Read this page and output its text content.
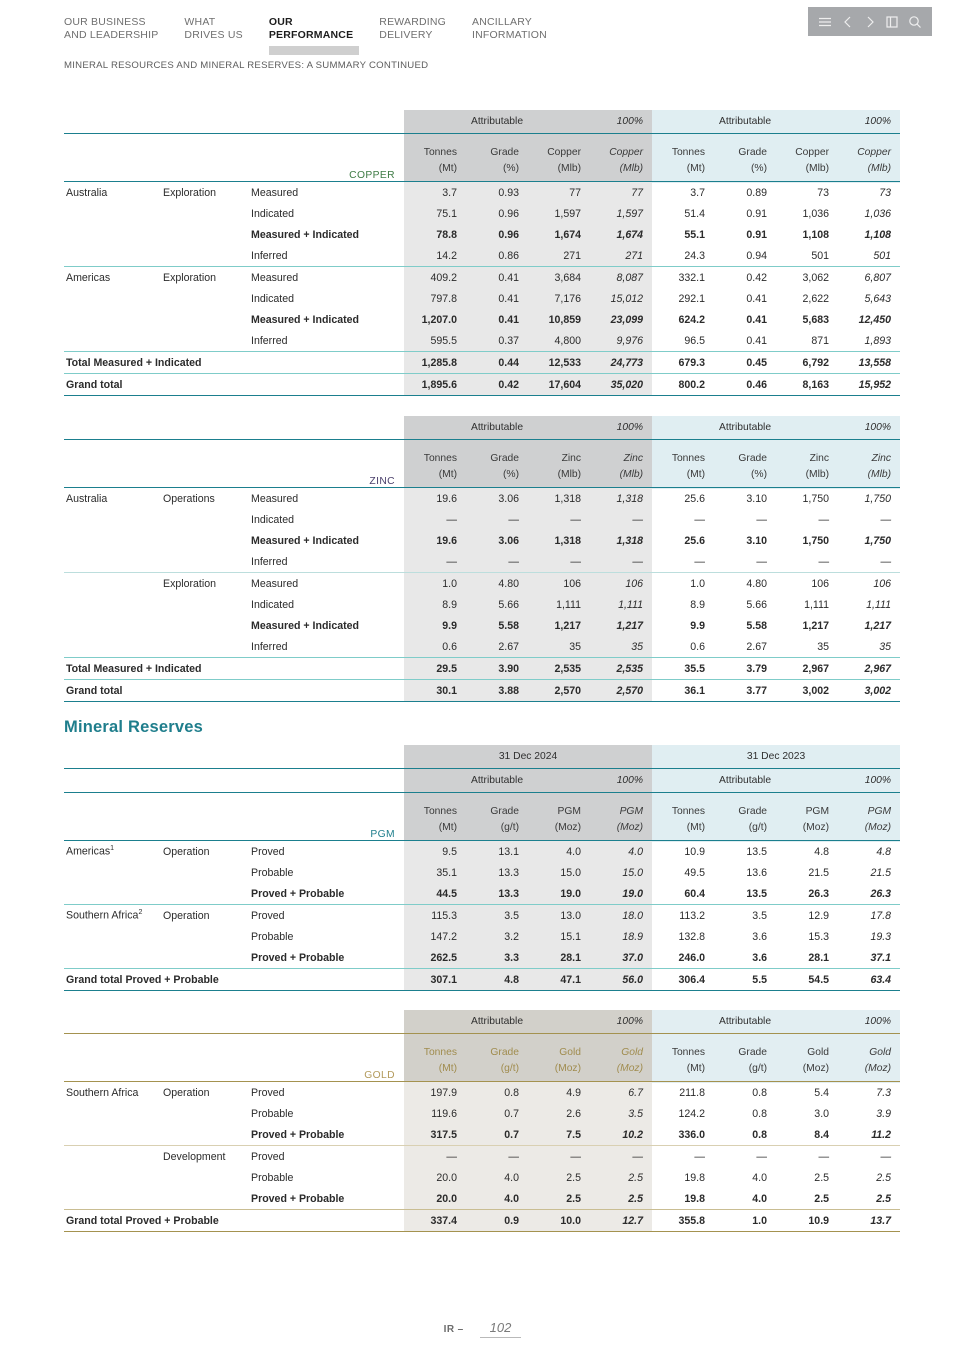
OUR BUSINESS
AND LEADERSHIP
WHAT
DRIVES US
OUR
PERFORMANCE
REWARDING
DELIVERY
ANCILLARY
INFORMATION
MINERAL RESOURCES AND MINERAL RESERVES: A SUMMARY CONTINUED
			Attributable			100%	Attributable			100%

COPPER			Tonnes	Grade	Copper	Copper	Tonnes	Grade	Copper	Copper
			(Mt)	(%)	(Mlb)	(Mlb)	(Mt)	(%)	(Mlb)	(Mlb)

Australia	Exploration	Measured	3.7	0.93	77	77	3.7	0.89	73	73
		Indicated	75.1	0.96	1,597	1,597	51.4	0.91	1,036	1,036
		Measured + Indicated	78.8	0.96	1,674	1,674	55.1	0.91	1,108	1,108
		Inferred	14.2	0.86	271	271	24.3	0.94	501	501

Americas	Exploration	Measured	409.2	0.41	3,684	8,087	332.1	0.42	3,062	6,807
		Indicated	797.8	0.41	7,176	15,012	292.1	0.41	2,622	5,643
		Measured + Indicated	1,207.0	0.41	10,859	23,099	624.2	0.41	5,683	12,450
		Inferred	595.5	0.37	4,800	9,976	96.5	0.41	871	1,893

Total Measured + Indicated			1,285.8	0.44	12,533	24,773	679.3	0.45	6,792	13,558

Grand total			1,895.6	0.42	17,604	35,020	800.2	0.46	8,163	15,952

			Attributable			100%	Attributable			100%

ZINC			Tonnes	Grade	Zinc	Zinc	Tonnes	Grade	Zinc	Zinc
			(Mt)	(%)	(Mlb)	(Mlb)	(Mt)	(%)	(Mlb)	(Mlb)

Australia	Operations	Measured	19.6	3.06	1,318	1,318	25.6	3.10	1,750	1,750
		Indicated	—	—	—	—	—	—	—	—
		Measured + Indicated	19.6	3.06	1,318	1,318	25.6	3.10	1,750	1,750
		Inferred	—	—	—	—	—	—	—	—

	Exploration	Measured	1.0	4.80	106	106	1.0	4.80	106	106
		Indicated	8.9	5.66	1,111	1,111	8.9	5.66	1,111	1,111
		Measured + Indicated	9.9	5.58	1,217	1,217	9.9	5.58	1,217	1,217
		Inferred	0.6	2.67	35	35	0.6	2.67	35	35

Total Measured + Indicated			29.5	3.90	2,535	2,535	35.5	3.79	2,967	2,967

Grand total			30.1	3.88	2,570	2,570	36.1	3.77	3,002	3,002

			31 Dec 2024				31 Dec 2023			

			Attributable			100%	Attributable			100%

PGM			Tonnes	Grade	PGM	PGM	Tonnes	Grade	PGM	PGM
			(Mt)	(g/t)	(Moz)	(Moz)	(Mt)	(g/t)	(Moz)	(Moz)

Americas$^1$	Operation	Proved	9.5	13.1	4.0	4.0	10.9	13.5	4.8	4.8
		Probable	35.1	13.3	15.0	15.0	49.5	13.6	21.5	21.5
		Proved + Probable	44.5	13.3	19.0	19.0	60.4	13.5	26.3	26.3

Southern Africa$^2$	Operation	Proved	115.3	3.5	13.0	18.0	113.2	3.5	12.9	17.8
		Probable	147.2	3.2	15.1	18.9	132.8	3.6	15.3	19.3
		Proved + Probable	262.5	3.3	28.1	37.0	246.0	3.6	28.1	37.1

Grand total Proved + Probable			307.1	4.8	47.1	56.0	306.4	5.5	54.5	63.4

			Attributable			100%	Attributable			100%

GOLD			Tonnes	Grade	Gold	Gold	Tonnes	Grade	Gold	Gold
			(Mt)	(g/t)	(Moz)	(Moz)	(Mt)	(g/t)	(Moz)	(Moz)

Southern Africa	Operation	Proved	197.9	0.8	4.9	6.7	211.8	0.8	5.4	7.3
		Probable	119.6	0.7	2.6	3.5	124.2	0.8	3.0	3.9
		Proved + Probable	317.5	0.7	7.5	10.2	336.0	0.8	8.4	11.2

	Development	Proved	—	—	—	—	—	—	—	—
		Probable	20.0	4.0	2.5	2.5	19.8	4.0	2.5	2.5
		Proved + Probable	20.0	4.0	2.5	2.5	19.8	4.0	2.5	2.5

Grand total Proved + Probable			337.4	0.9	10.0	12.7	355.8	1.0	10.9	13.7

Mineral Reserves
IR – 102
